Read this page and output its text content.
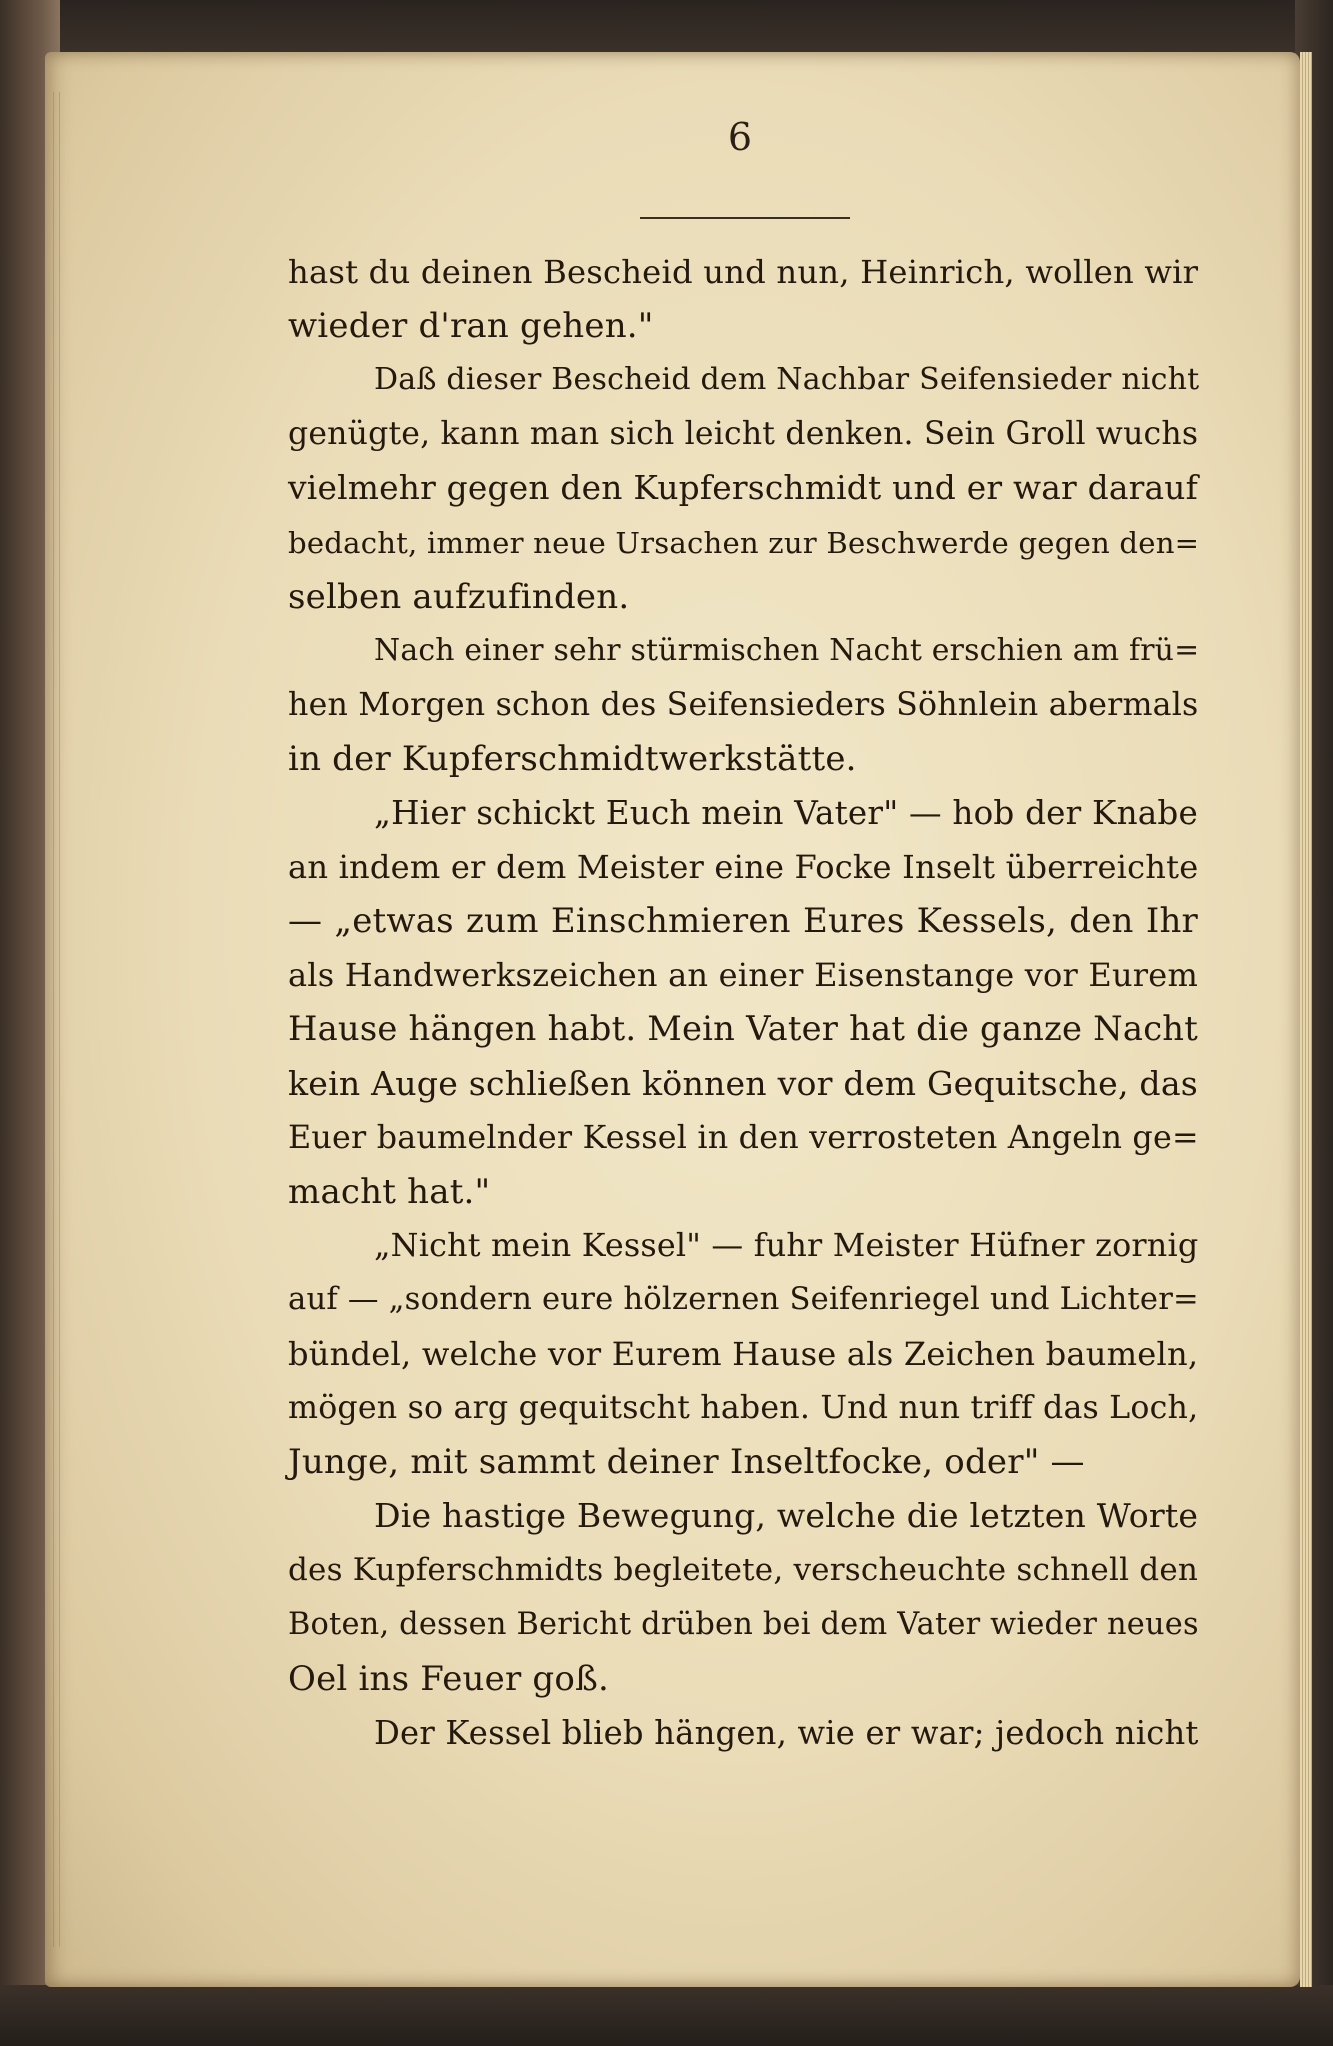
6
hast du deinen Bescheid und nun, Heinrich, wollen wir
wieder d'ran gehen."
Daß dieser Bescheid dem Nachbar Seifensieder nicht
genügte, kann man sich leicht denken. Sein Groll wuchs
vielmehr gegen den Kupferschmidt und er war darauf
bedacht, immer neue Ursachen zur Beschwerde gegen den=
selben aufzufinden.
Nach einer sehr stürmischen Nacht erschien am frü=
hen Morgen schon des Seifensieders Söhnlein abermals
in der Kupferschmidtwerkstätte.
„Hier schickt Euch mein Vater" — hob der Knabe
an indem er dem Meister eine Focke Inselt überreichte
— „etwas zum Einschmieren Eures Kessels, den Ihr
als Handwerkszeichen an einer Eisenstange vor Eurem
Hause hängen habt. Mein Vater hat die ganze Nacht
kein Auge schließen können vor dem Gequitsche, das
Euer baumelnder Kessel in den verrosteten Angeln ge=
macht hat."
„Nicht mein Kessel" — fuhr Meister Hüfner zornig
auf — „sondern eure hölzernen Seifenriegel und Lichter=
bündel, welche vor Eurem Hause als Zeichen baumeln,
mögen so arg gequitscht haben. Und nun triff das Loch,
Junge, mit sammt deiner Inseltfocke, oder" —
Die hastige Bewegung, welche die letzten Worte
des Kupferschmidts begleitete, verscheuchte schnell den
Boten, dessen Bericht drüben bei dem Vater wieder neues
Oel ins Feuer goß.
Der Kessel blieb hängen, wie er war; jedoch nicht
